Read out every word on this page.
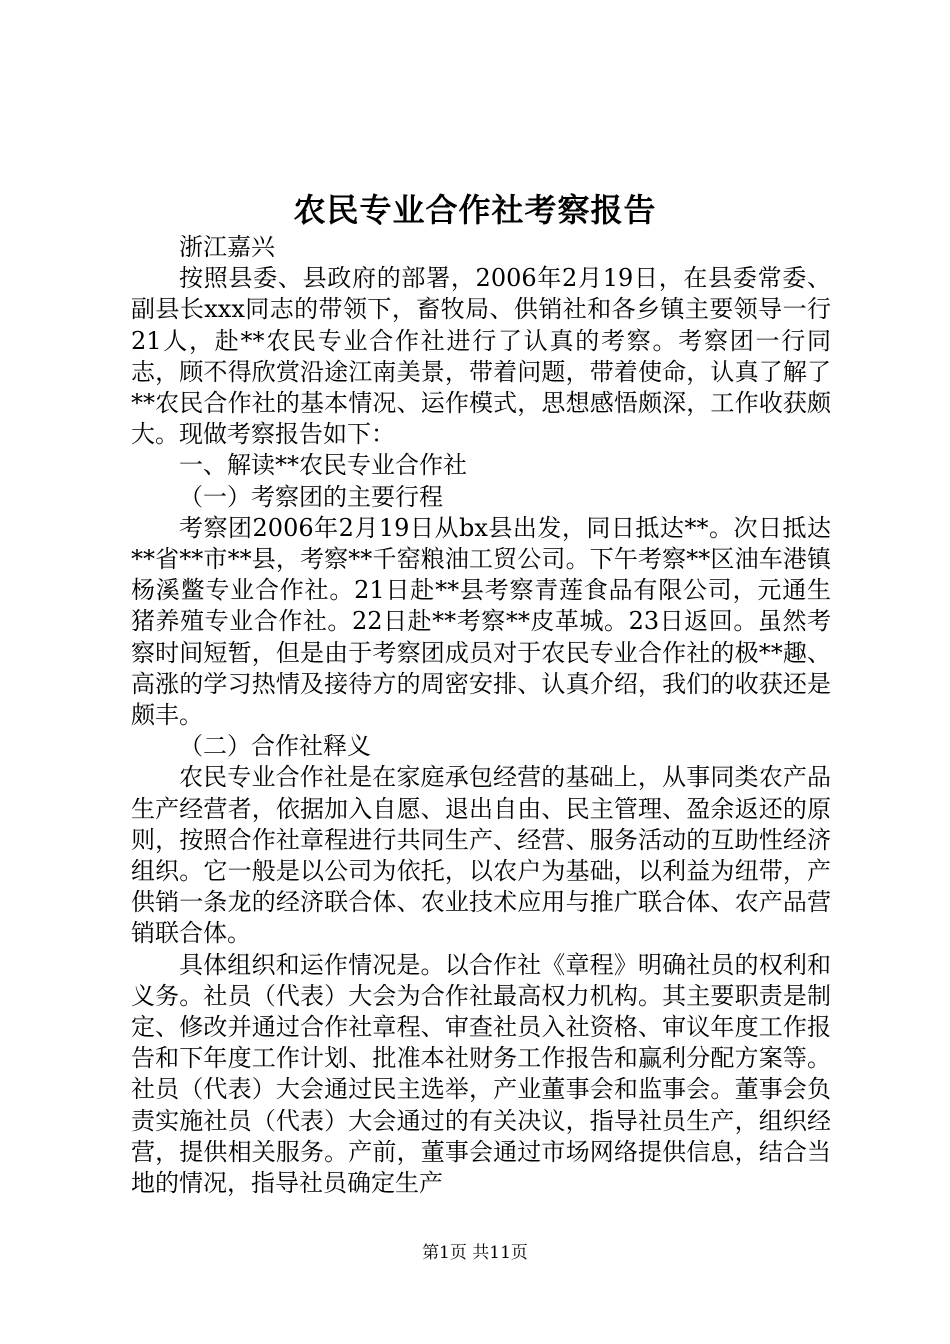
农民专业合作社考察报告

浙江嘉兴

按照县委、县政府的部署，2006年2月19日，在县委常委、副县长xxx同志的带领下，畜牧局、供销社和各乡镇主要领导一行21人，赴**农民专业合作社进行了认真的考察。考察团一行同志，顾不得欣赏沿途江南美景，带着问题，带着使命，认真了解了**农民合作社的基本情况、运作模式，思想感悟颇深，工作收获颇大。现做考察报告如下：

一、解读**农民专业合作社

（一）考察团的主要行程

考察团2006年2月19日从bx县出发，同日抵达**。次日抵达**省**市**县，考察**千窑粮油工贸公司。下午考察**区油车港镇杨溪鳖专业合作社。21日赴**县考察青莲食品有限公司，元通生猪养殖专业合作社。22日赴**考察**皮革城。23日返回。虽然考察时间短暂，但是由于考察团成员对于农民专业合作社的极**趣、高涨的学习热情及接待方的周密安排、认真介绍，我们的收获还是颇丰。

（二）合作社释义

农民专业合作社是在家庭承包经营的基础上，从事同类农产品生产经营者，依据加入自愿、退出自由、民主管理、盈余返还的原则，按照合作社章程进行共同生产、经营、服务活动的互助性经济组织。它一般是以公司为依托，以农户为基础，以利益为纽带，产供销一条龙的经济联合体、农业技术应用与推广联合体、农产品营销联合体。

具体组织和运作情况是。以合作社《章程》明确社员的权利和义务。社员（代表）大会为合作社最高权力机构。其主要职责是制定、修改并通过合作社章程、审查社员入社资格、审议年度工作报告和下年度工作计划、批准本社财务工作报告和赢利分配方案等。社员（代表）大会通过民主选举，产业董事会和监事会。董事会负责实施社员（代表）大会通过的有关决议，指导社员生产，组织经营，提供相关服务。产前，董事会通过市场网络提供信息，结合当地的情况，指导社员确定生产

第1页 共11页
